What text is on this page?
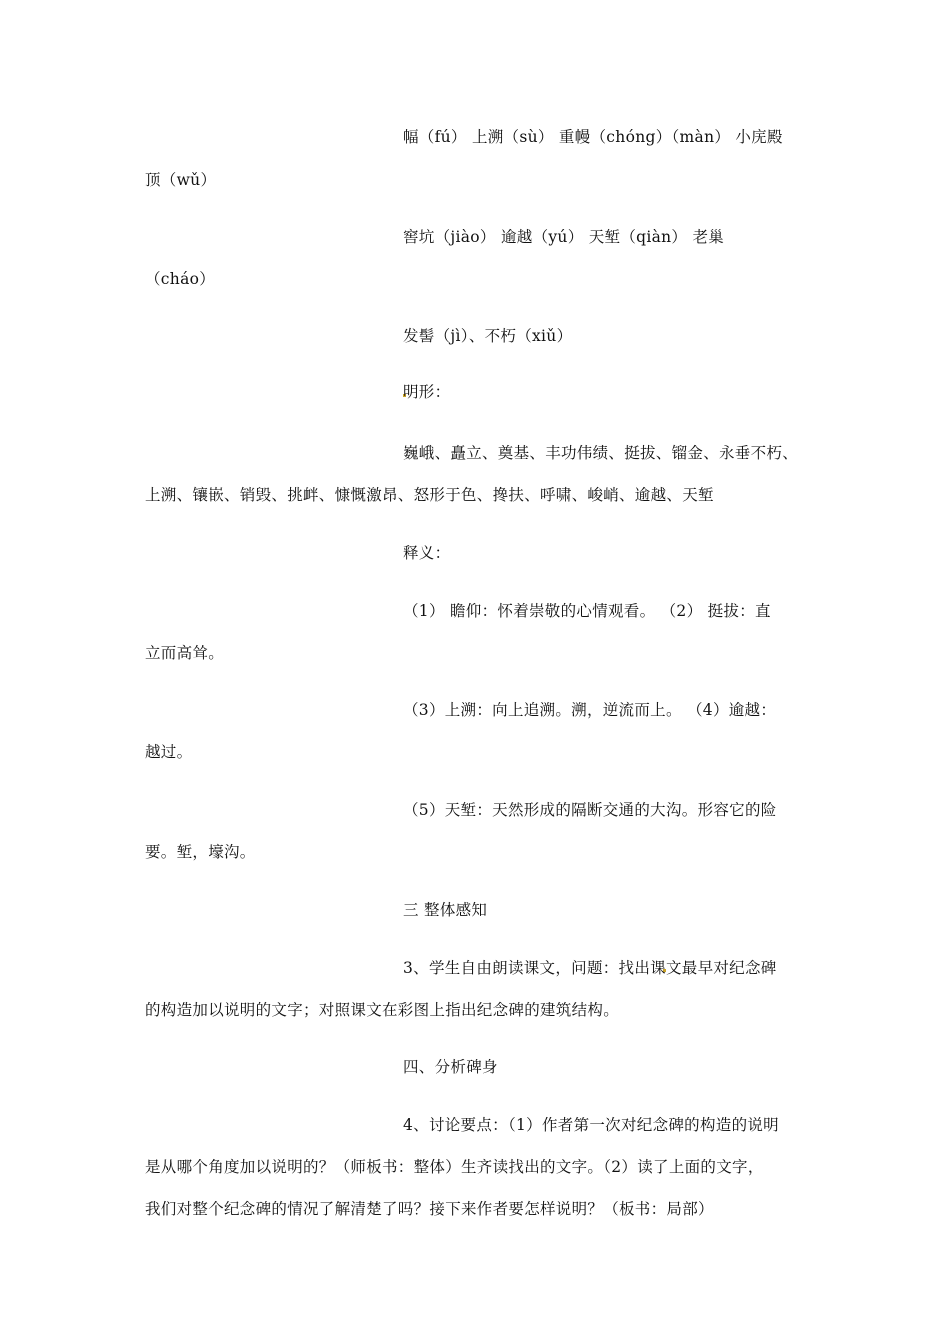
幅（fú） 上溯（sù） 重幔（chóng）（màn） 小庑殿
顶（wǔ）
窖坑（jiào） 逾越（yú） 天堑（qiàn） 老巢
（cháo）
发髻（jì）、不朽（xiǔ）
明形：
巍峨、矗立、奠基、丰功伟绩、挺拔、镏金、永垂不朽、
上溯、镶嵌、销毁、挑衅、慷慨激昂、怒形于色、搀扶、呼啸、峻峭、逾越、天堑
释义：
（1） 瞻仰：怀着崇敬的心情观看。 （2） 挺拔：直
立而高耸。
（3）上溯：向上追溯。溯，逆流而上。 （4）逾越：
越过。
（5）天堑：天然形成的隔断交通的大沟。形容它的险
要。堑，壕沟。
三 整体感知
3、学生自由朗读课文，问题：找出课文最早对纪念碑
的构造加以说明的文字；对照课文在彩图上指出纪念碑的建筑结构。
四、分析碑身
4、讨论要点：（1）作者第一次对纪念碑的构造的说明
是从哪个角度加以说明的？（师板书：整体）生齐读找出的文字。（2）读了上面的文字，
我们对整个纪念碑的情况了解清楚了吗？接下来作者要怎样说明？（板书：局部）
